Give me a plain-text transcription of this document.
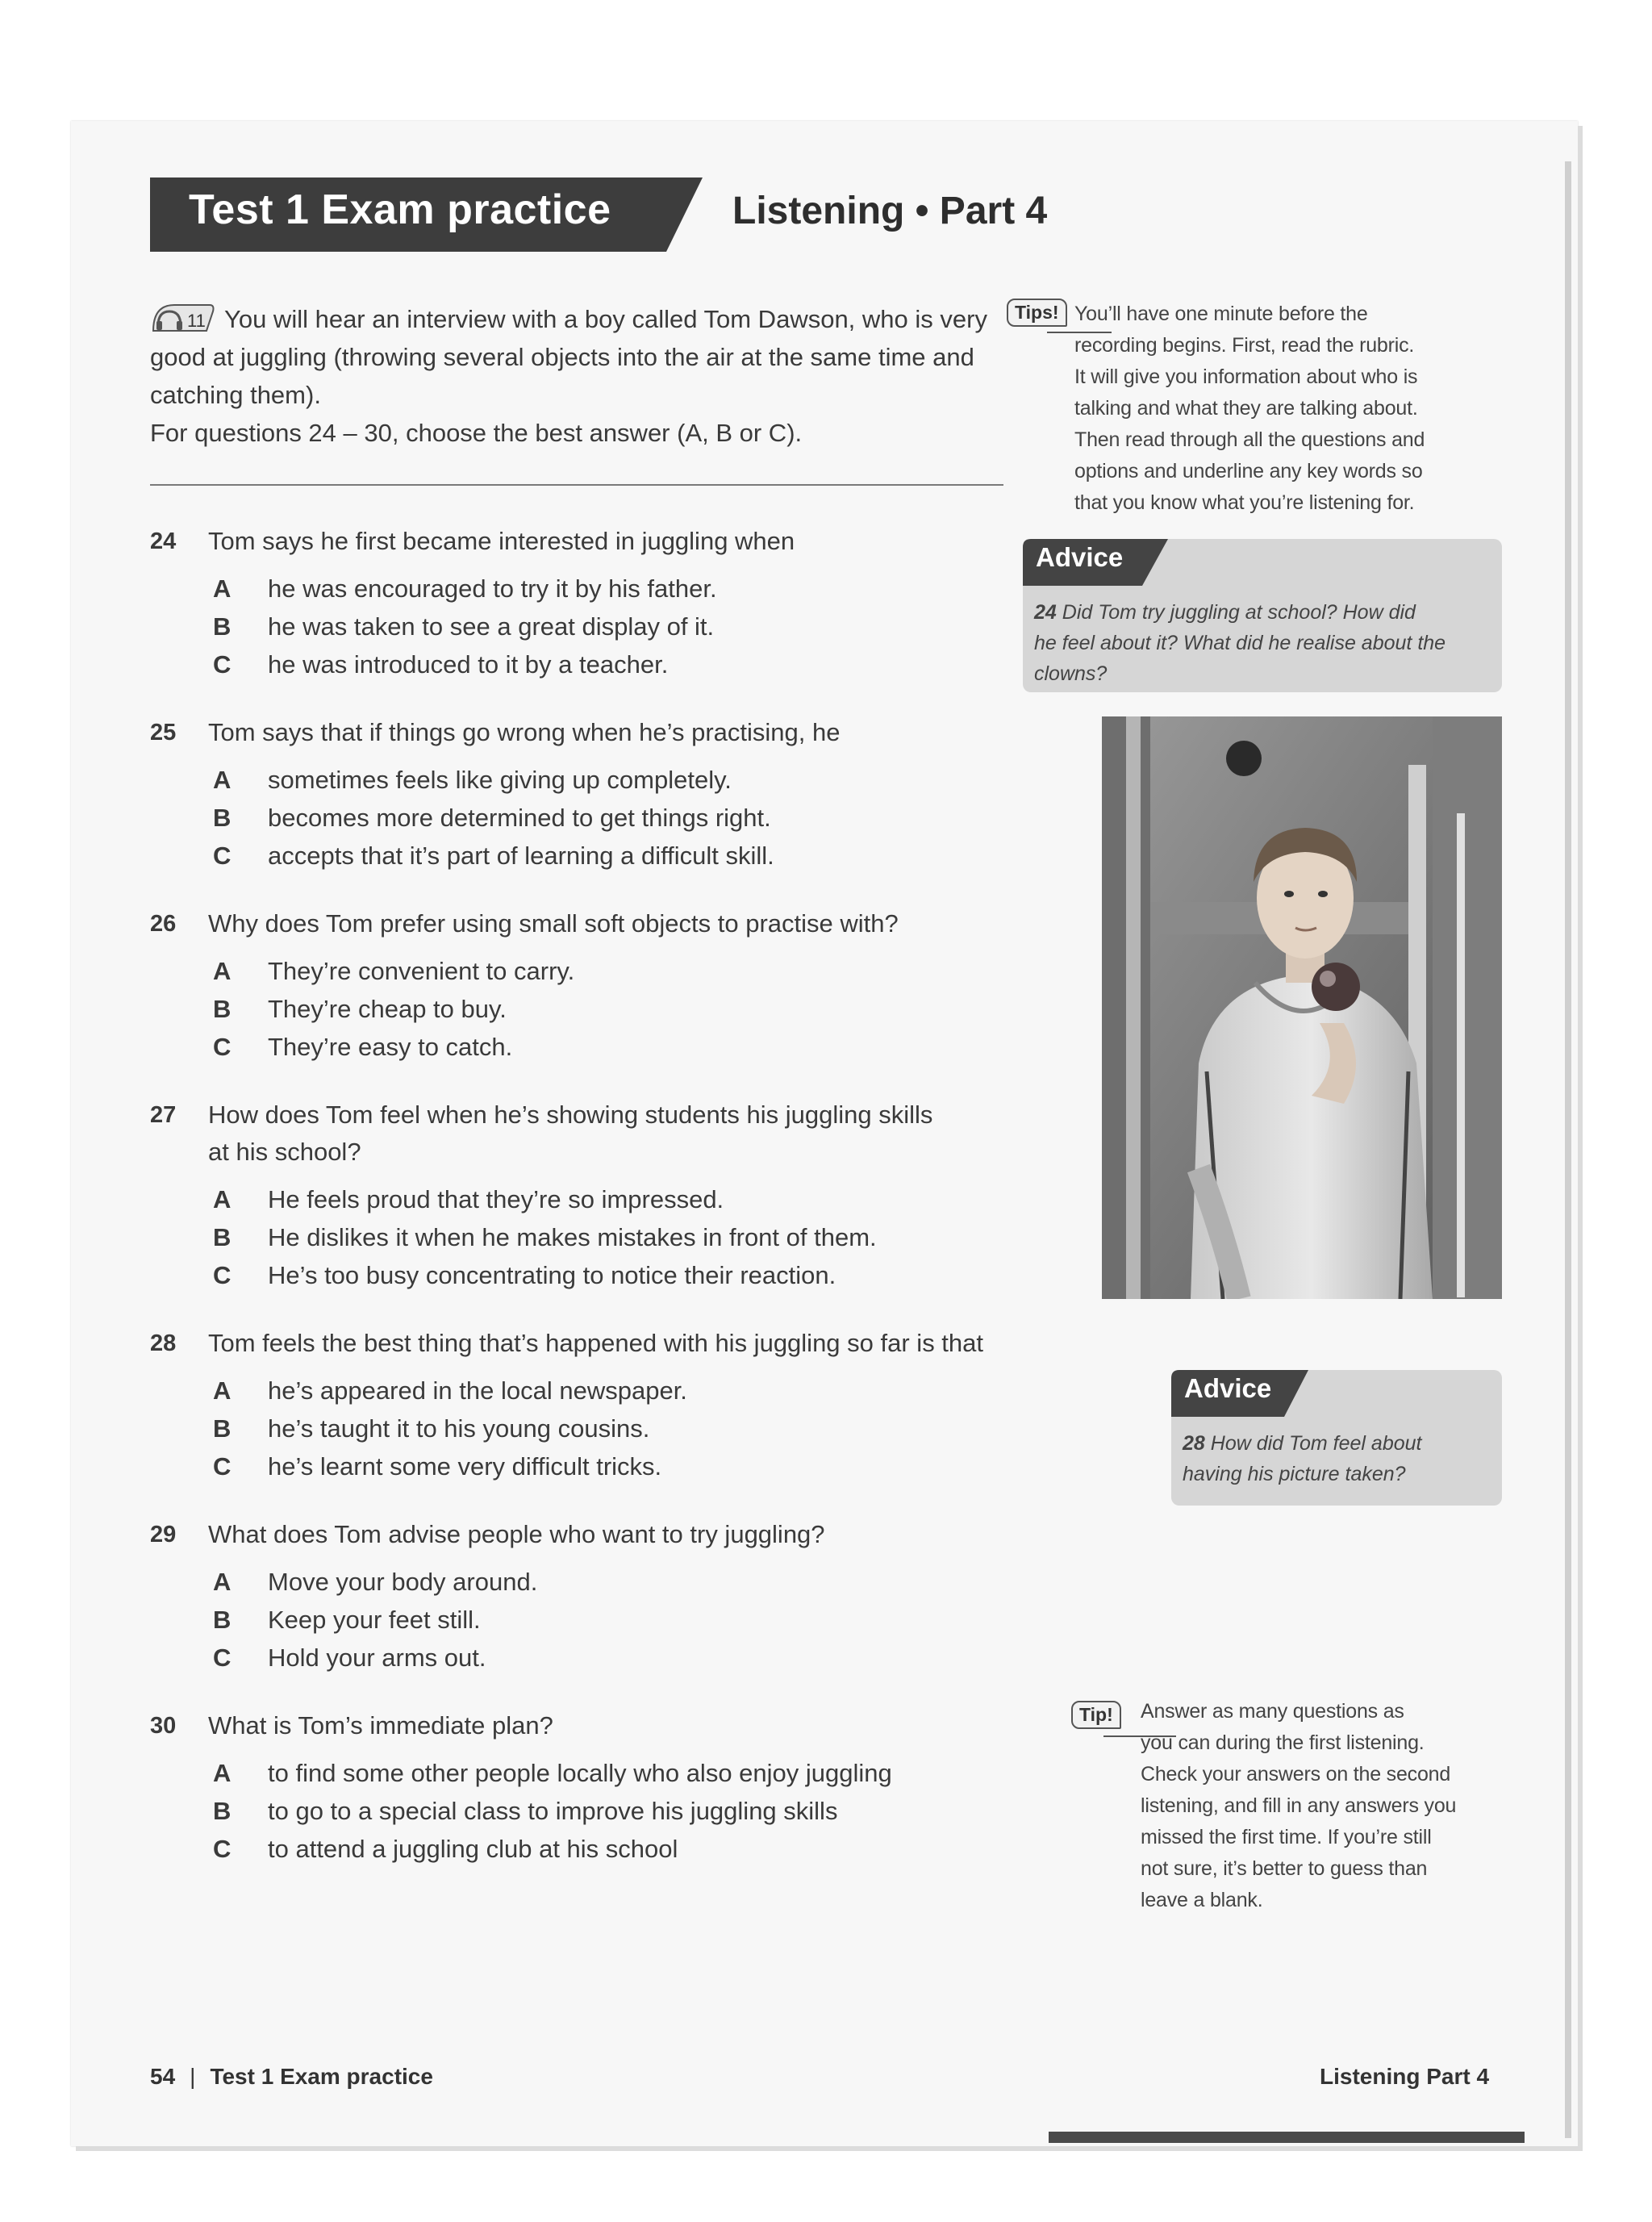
Test 1 Exam practice	Listening • Part 4
11 You will hear an interview with a boy called Tom Dawson, who is very good at juggling (throwing several objects into the air at the same time and catching them).
For questions 24 – 30, choose the best answer (A, B or C).
24	Tom says he first became interested in juggling when
A	he was encouraged to try it by his father.
B	he was taken to see a great display of it.
C	he was introduced to it by a teacher.
25	Tom says that if things go wrong when he’s practising, he
A	sometimes feels like giving up completely.
B	becomes more determined to get things right.
C	accepts that it’s part of learning a difficult skill.
26	Why does Tom prefer using small soft objects to practise with?
A	They’re convenient to carry.
B	They’re cheap to buy.
C	They’re easy to catch.
27	How does Tom feel when he’s showing students his juggling skills
at his school?
A	He feels proud that they’re so impressed.
B	He dislikes it when he makes mistakes in front of them.
C	He’s too busy concentrating to notice their reaction.
28	Tom feels the best thing that’s happened with his juggling so far is that
A	he’s appeared in the local newspaper.
B	he’s taught it to his young cousins.
C	he’s learnt some very difficult tricks.
29	What does Tom advise people who want to try juggling?
A	Move your body around.
B	Keep your feet still.
C	Hold your arms out.
30	What is Tom’s immediate plan?
A	to find some other people locally who also enjoy juggling
B	to go to a special class to improve his juggling skills
C	to attend a juggling club at his school
Tips! You’ll have one minute before the
recording begins. First, read the rubric.
It will give you information about who is
talking and what they are talking about.
Then read through all the questions and
options and underline any key words so
that you know what you’re listening for.
Advice
24 Did Tom try juggling at school? How did
he feel about it? What did he realise about the
clowns?
Advice
28 How did Tom feel about
having his picture taken?
Tip!	Answer as many questions as
you can during the first listening.
Check your answers on the second
listening, and fill in any answers you
missed the first time. If you’re still
not sure, it’s better to guess than
leave a blank.
54 | Test 1 Exam practice	Listening Part 4
